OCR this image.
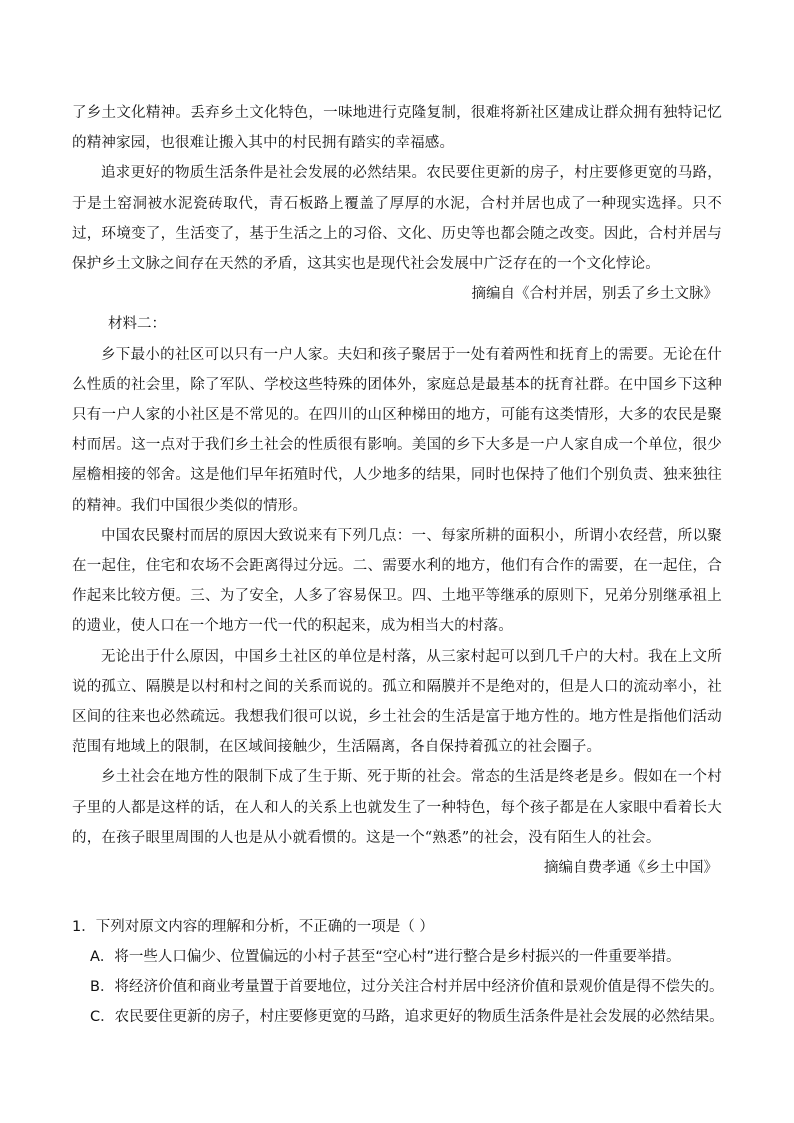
了乡土文化精神。丢弃乡土文化特色，一味地进行克隆复制，很难将新社区建成让群众拥有独特记忆的精神家园，也很难让搬入其中的村民拥有踏实的幸福感。

追求更好的物质生活条件是社会发展的必然结果。农民要住更新的房子，村庄要修更宽的马路，于是土窑洞被水泥瓷砖取代，青石板路上覆盖了厚厚的水泥，合村并居也成了一种现实选择。只不过，环境变了，生活变了，基于生活之上的习俗、文化、历史等也都会随之改变。因此，合村并居与保护乡土文脉之间存在天然的矛盾，这其实也是现代社会发展中广泛存在的一个文化悖论。

摘编自《合村并居，别丢了乡土文脉》

材料二：

乡下最小的社区可以只有一户人家。夫妇和孩子聚居于一处有着两性和抚育上的需要。无论在什么性质的社会里，除了军队、学校这些特殊的团体外，家庭总是最基本的抚育社群。在中国乡下这种只有一户人家的小社区是不常见的。在四川的山区种梯田的地方，可能有这类情形，大多的农民是聚村而居。这一点对于我们乡土社会的性质很有影响。美国的乡下大多是一户人家自成一个单位，很少屋檐相接的邻舍。这是他们早年拓殖时代，人少地多的结果，同时也保持了他们个别负责、独来独往的精神。我们中国很少类似的情形。

中国农民聚村而居的原因大致说来有下列几点：一、每家所耕的面积小，所谓小农经营，所以聚在一起住，住宅和农场不会距离得过分远。二、需要水利的地方，他们有合作的需要，在一起住，合作起来比较方便。三、为了安全，人多了容易保卫。四、土地平等继承的原则下，兄弟分别继承祖上的遗业，使人口在一个地方一代一代的积起来，成为相当大的村落。

无论出于什么原因，中国乡土社区的单位是村落，从三家村起可以到几千户的大村。我在上文所说的孤立、隔膜是以村和村之间的关系而说的。孤立和隔膜并不是绝对的，但是人口的流动率小，社区间的往来也必然疏远。我想我们很可以说，乡土社会的生活是富于地方性的。地方性是指他们活动范围有地域上的限制，在区域间接触少，生活隔离，各自保持着孤立的社会圈子。

乡土社会在地方性的限制下成了生于斯、死于斯的社会。常态的生活是终老是乡。假如在一个村子里的人都是这样的话，在人和人的关系上也就发生了一种特色，每个孩子都是在人家眼中看着长大的，在孩子眼里周围的人也是从小就看惯的。这是一个“熟悉”的社会，没有陌生人的社会。

摘编自费孝通《乡土中国》

1．下列对原文内容的理解和分析，不正确的一项是（ ）

A．将一些人口偏少、位置偏远的小村子甚至“空心村”进行整合是乡村振兴的一件重要举措。

B．将经济价值和商业考量置于首要地位，过分关注合村并居中经济价值和景观价值是得不偿失的。

C．农民要住更新的房子，村庄要修更宽的马路，追求更好的物质生活条件是社会发展的必然结果。
